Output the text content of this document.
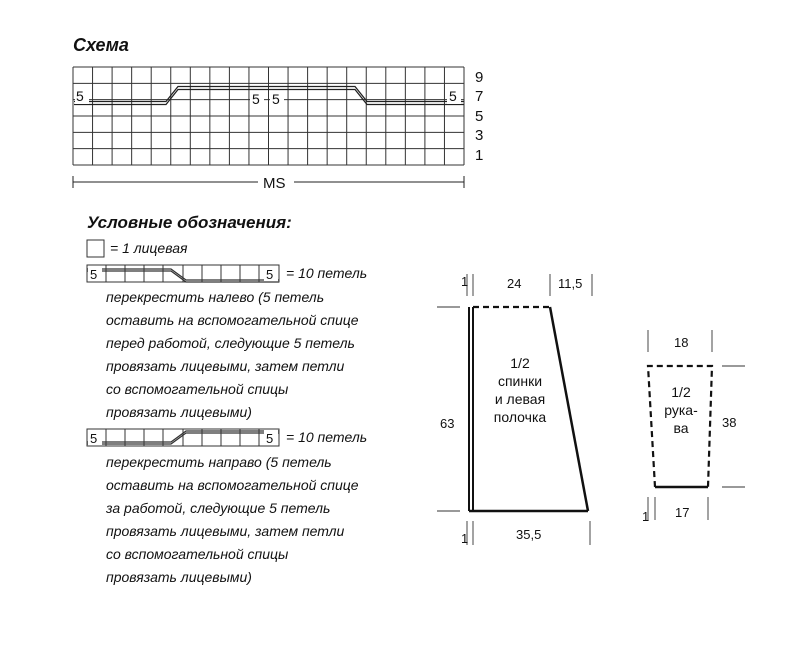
Схема
Условные обозначения:
5	5 5	5
9
7
5
3
1
MS
5	5
5	5
1	24	11,5
63
1	35,5
1/2 спинки и левая полочка
18
38
1 17
1/2 рука-ва
= 1 лицевая
= 10 петель
перекрестить налево (5 петель
оставить на вспомогательной спице
перед работой, следующие 5 петель
провязать лицевыми, затем петли
со вспомогательной спицы
провязать лицевыми)
= 10 петель
перекрестить направо (5 петель
оставить на вспомогательной спице
за работой, следующие 5 петель
провязать лицевыми, затем петли
со вспомогательной спицы
провязать лицевыми)
